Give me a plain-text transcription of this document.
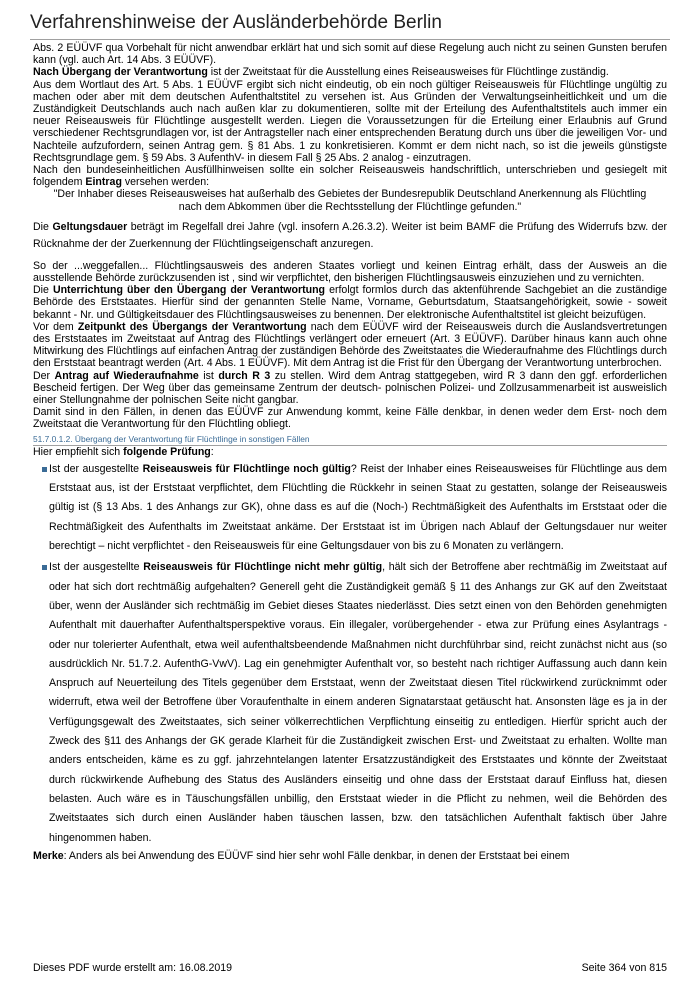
Verfahrenshinweise der Ausländerbehörde Berlin

Abs. 2 EÜÜVF qua Vorbehalt für nicht anwendbar erklärt hat und sich somit auf diese Regelung auch nicht zu seinen Gunsten berufen kann (vgl. auch Art. 14 Abs. 3 EÜÜVF).

Nach Übergang der Verantwortung ist der Zweitstaat für die Ausstellung eines Reiseausweises für Flüchtlinge zuständig.

Aus dem Wortlaut des Art. 5 Abs. 1 EÜÜVF ergibt sich nicht eindeutig, ob ein noch gültiger Reiseausweis für Flüchtlinge ungültig zu machen oder aber mit dem deutschen Aufenthaltstitel zu versehen ist. Aus Gründen der Verwaltungseinheitlichkeit und um die Zuständigkeit Deutschlands auch nach außen klar zu dokumentieren, sollte mit der Erteilung des Aufenthaltstitels auch immer ein neuer Reiseausweis für Flüchtlinge ausgestellt werden. Liegen die Voraussetzungen für die Erteilung einer Erlaubnis auf Grund verschiedener Rechtsgrundlagen vor, ist der Antragsteller nach einer entsprechenden Beratung durch uns über die jeweiligen Vor- und Nachteile aufzufordern, seinen Antrag gem. § 81 Abs. 1 zu konkretisieren. Kommt er dem nicht nach, so ist die jeweils günstigste Rechtsgrundlage gem. § 59 Abs. 3 AufenthV- in diesem Fall § 25 Abs. 2 analog - einzutragen.

Nach den bundeseinheitlichen Ausfüllhinweisen sollte ein solcher Reiseausweis handschriftlich, unterschrieben und gesiegelt mit folgendem Eintrag versehen werden:

"Der Inhaber dieses Reiseausweises hat außerhalb des Gebietes der Bundesrepublik Deutschland Anerkennung als Flüchtling nach dem Abkommen über die Rechtsstellung der Flüchtlinge gefunden."

Die Geltungsdauer beträgt im Regelfall drei Jahre (vgl. insofern A.26.3.2). Weiter ist beim BAMF die Prüfung des Widerrufs bzw. der Rücknahme der der Zuerkennung der Flüchtlingseigenschaft anzuregen.

So der ...weggefallen... Flüchtlingsausweis des anderen Staates vorliegt und keinen Eintrag erhält, dass der Ausweis an die ausstellende Behörde zurückzusenden ist , sind wir verpflichtet, den bisherigen Flüchtlingsausweis einzuziehen und zu vernichten.

Die Unterrichtung über den Übergang der Verantwortung erfolgt formlos durch das aktenführende Sachgebiet an die zuständige Behörde des Erststaates. Hierfür sind der genannten Stelle Name, Vorname, Geburtsdatum, Staatsangehörigkeit, sowie - soweit bekannt - Nr. und Gültigkeitsdauer des Flüchtlingsausweises zu benennen. Der elektronische Aufenthaltstitel ist gleicht beizufügen.

Vor dem Zeitpunkt des Übergangs der Verantwortung nach dem EÜÜVF wird der Reiseausweis durch die Auslandsvertretungen des Erststaates im Zweitstaat auf Antrag des Flüchtlings verlängert oder erneuert (Art. 3 EÜÜVF). Darüber hinaus kann auch ohne Mitwirkung des Flüchtlings auf einfachen Antrag der zuständigen Behörde des Zweitstaates die Wiederaufnahme des Flüchtlings durch den Erststaat beantragt werden (Art. 4 Abs. 1 EÜÜVF). Mit dem Antrag ist die Frist für den Übergang der Verantwortung unterbrochen.

Der Antrag auf Wiederaufnahme ist durch R 3 zu stellen. Wird dem Antrag stattgegeben, wird R 3 dann den ggf. erforderlichen Bescheid fertigen. Der Weg über das gemeinsame Zentrum der deutsch- polnischen Polizei- und Zollzusammenarbeit ist ausweislich einer Stellungnahme der polnischen Seite nicht gangbar.

Damit sind in den Fällen, in denen das EÜÜVF zur Anwendung kommt, keine Fälle denkbar, in denen weder dem Erst- noch dem Zweitstaat die Verantwortung für den Flüchtling obliegt.

51.7.0.1.2. Übergang der Verantwortung für Flüchtlinge in sonstigen Fällen

Hier empfiehlt sich folgende Prüfung:

Ist der ausgestellte Reiseausweis für Flüchtlinge noch gültig? Reist der Inhaber eines Reiseausweises für Flüchtlinge aus dem Erststaat aus, ist der Erststaat verpflichtet, dem Flüchtling die Rückkehr in seinen Staat zu gestatten, solange der Reiseausweis gültig ist (§ 13 Abs. 1 des Anhangs zur GK), ohne dass es auf die (Noch-) Rechtmäßigkeit des Aufenthalts im Erststaat oder die Rechtmäßigkeit des Aufenthalts im Zweitstaat ankäme. Der Erststaat ist im Übrigen nach Ablauf der Geltungsdauer nur weiter berechtigt – nicht verpflichtet - den Reiseausweis für eine Geltungsdauer von bis zu 6 Monaten zu verlängern.
Ist der ausgestellte Reiseausweis für Flüchtlinge nicht mehr gültig, hält sich der Betroffene aber rechtmäßig im Zweitstaat auf oder hat sich dort rechtmäßig aufgehalten? Generell geht die Zuständigkeit gemäß § 11 des Anhangs zur GK auf den Zweitstaat über, wenn der Ausländer sich rechtmäßig im Gebiet dieses Staates niederlässt. Dies setzt einen von den Behörden genehmigten Aufenthalt mit dauerhafter Aufenthaltsperspektive voraus. Ein illegaler, vorübergehender - etwa zur Prüfung eines Asylantrags - oder nur tolerierter Aufenthalt, etwa weil aufenthaltsbeendende Maßnahmen nicht durchführbar sind, reicht zunächst nicht aus (so ausdrücklich Nr. 51.7.2. AufenthG-VwV). Lag ein genehmigter Aufenthalt vor, so besteht nach richtiger Auffassung auch dann kein Anspruch auf Neuerteilung des Titels gegenüber dem Erststaat, wenn der Zweitstaat diesen Titel rückwirkend zurücknimmt oder widerruft, etwa weil der Betroffene über Voraufenthalte in einem anderen Signatarstaat getäuscht hat. Ansonsten läge es ja in der Verfügungsgewalt des Zweitstaates, sich seiner völkerrechtlichen Verpflichtung einseitig zu entledigen. Hierfür spricht auch der Zweck des §11 des Anhangs der GK gerade Klarheit für die Zuständigkeit zwischen Erst- und Zweitstaat zu erhalten. Wollte man anders entscheiden, käme es zu ggf. jahrzehntelangen latenter Ersatzzuständigkeit des Erststaates und könnte der Zweitstaat durch rückwirkende Aufhebung des Status des Ausländers einseitig und ohne dass der Erststaat darauf Einfluss hat, diesen belasten. Auch wäre es in Täuschungsfällen unbillig, den Erststaat wieder in die Pflicht zu nehmen, weil die Behörden des Zweitstaates sich durch einen Ausländer haben täuschen lassen, bzw. den tatsächlichen Aufenthalt faktisch über Jahre hingenommen haben.

Merke: Anders als bei Anwendung des EÜÜVF sind hier sehr wohl Fälle denkbar, in denen der Erststaat bei einem

Dieses PDF wurde erstellt am: 16.08.2019	Seite 364 von 815
